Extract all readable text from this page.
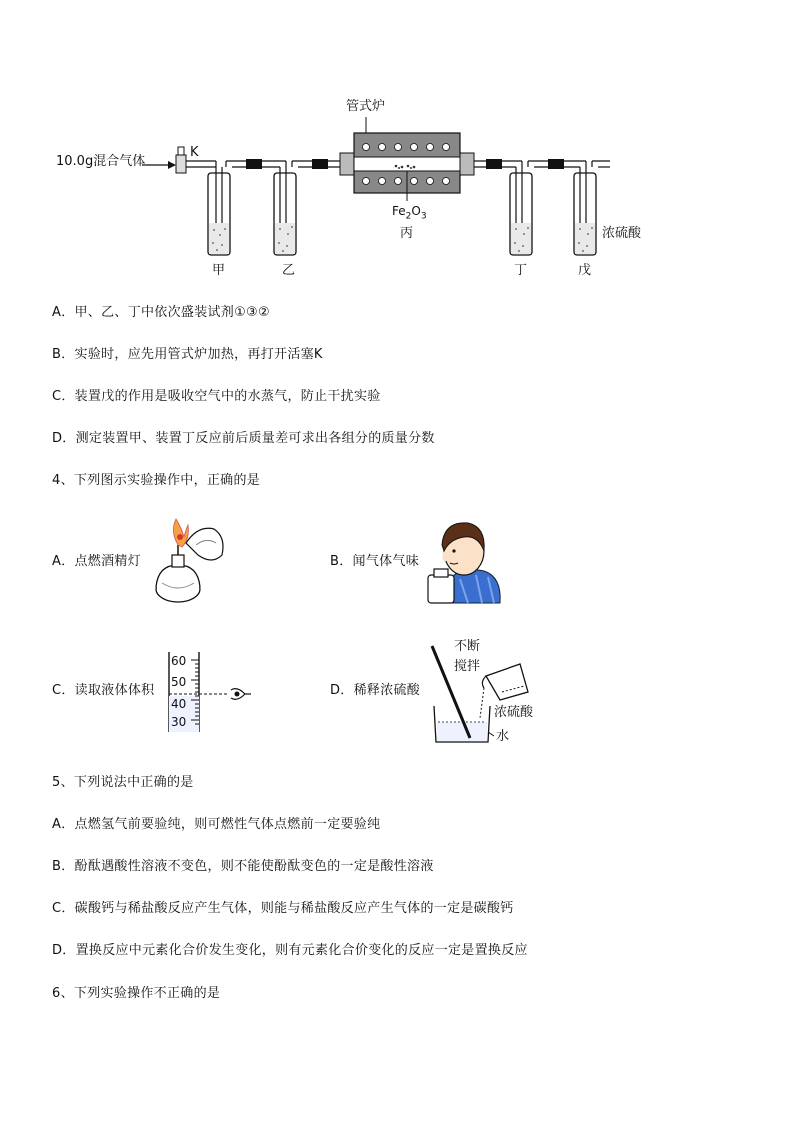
10.0g混合气体
K
管式炉
$Fe_2O_3$
丙
甲	乙	丁	戊
浓硫酸
A．甲、乙、丁中依次盛装试剂①③②
B．实验时，应先用管式炉加热，再打开活塞K
C．装置戊的作用是吸收空气中的水蒸气，防止干扰实验
D．测定装置甲、装置丁反应前后质量差可求出各组分的质量分数
4、下列图示实验操作中，正确的是
A．点燃酒精灯	B．闻气体气味
C．读取液体体积
60
50
40
30
D．稀释浓硫酸
不断
搅拌
浓硫酸
水
5、下列说法中正确的是
A．点燃氢气前要验纯，则可燃性气体点燃前一定要验纯
B．酚酞遇酸性溶液不变色，则不能使酚酞变色的一定是酸性溶液
C．碳酸钙与稀盐酸反应产生气体，则能与稀盐酸反应产生气体的一定是碳酸钙
D．置换反应中元素化合价发生变化，则有元素化合价变化的反应一定是置换反应
6、下列实验操作不正确的是
